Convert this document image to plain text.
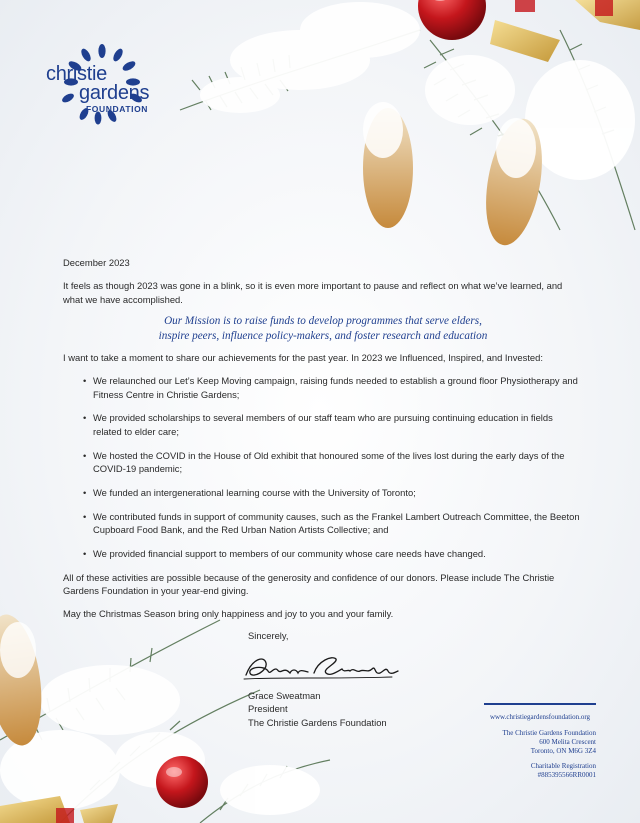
christie
gardens
FOUNDATION

December 2023

It feels as though 2023 was gone in a blink, so it is even more important to pause and reflect on what we’ve learned, and what we have accomplished.

Our Mission is to raise funds to develop programmes that serve elders,
inspire peers, influence policy-makers, and foster research and education

I want to take a moment to share our achievements for the past year. In 2023 we Influenced, Inspired, and Invested:

• We relaunched our Let’s Keep Moving campaign, raising funds needed to establish a ground floor Physiotherapy and Fitness Centre in Christie Gardens;
• We provided scholarships to several members of our staff team who are pursuing continuing education in fields related to elder care;
• We hosted the COVID in the House of Old exhibit that honoured some of the lives lost during the early days of the COVID-19 pandemic;
• We funded an intergenerational learning course with the University of Toronto;
• We contributed funds in support of community causes, such as the Frankel Lambert Outreach Committee, the Beeton Cupboard Food Bank, and the Red Urban Nation Artists Collective; and
• We provided financial support to members of our community whose care needs have changed.

All of these activities are possible because of the generosity and confidence of our donors. Please include The Christie Gardens Foundation in your year-end giving.

May the Christmas Season bring only happiness and joy to you and your family.

Sincerely,
Grace Sweatman
President
The Christie Gardens Foundation
www.christiegardensfoundation.org
The Christie Gardens Foundation
600 Melita Crescent
Toronto, ON M6G 3Z4
Charitable Registration
#885395566RR0001
